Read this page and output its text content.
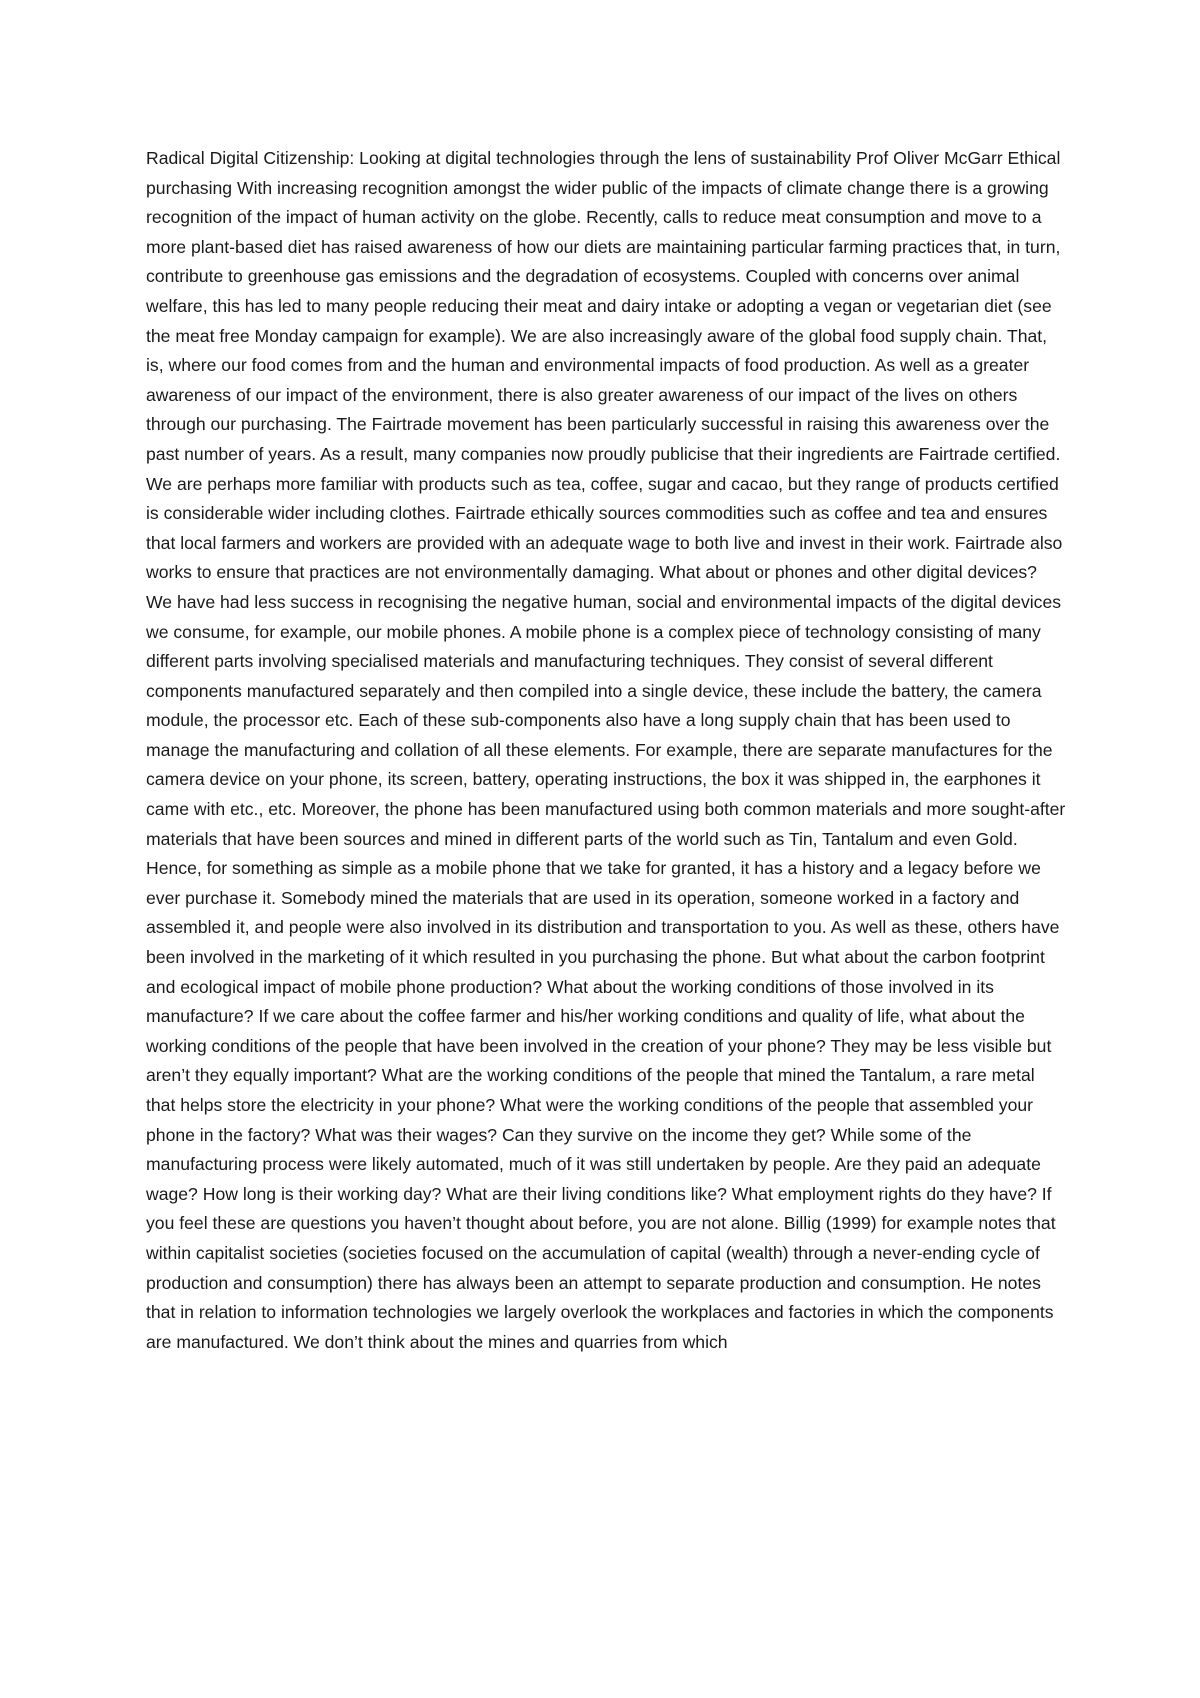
Radical Digital Citizenship: Looking at digital technologies through the lens of sustainability Prof Oliver McGarr Ethical purchasing With increasing recognition amongst the wider public of the impacts of climate change there is a growing recognition of the impact of human activity on the globe. Recently, calls to reduce meat consumption and move to a more plant-based diet has raised awareness of how our diets are maintaining particular farming practices that, in turn, contribute to greenhouse gas emissions and the degradation of ecosystems. Coupled with concerns over animal welfare, this has led to many people reducing their meat and dairy intake or adopting a vegan or vegetarian diet (see the meat free Monday campaign for example). We are also increasingly aware of the global food supply chain. That, is, where our food comes from and the human and environmental impacts of food production. As well as a greater awareness of our impact of the environment, there is also greater awareness of our impact of the lives on others through our purchasing. The Fairtrade movement has been particularly successful in raising this awareness over the past number of years. As a result, many companies now proudly publicise that their ingredients are Fairtrade certified. We are perhaps more familiar with products such as tea, coffee, sugar and cacao, but they range of products certified is considerable wider including clothes. Fairtrade ethically sources commodities such as coffee and tea and ensures that local farmers and workers are provided with an adequate wage to both live and invest in their work. Fairtrade also works to ensure that practices are not environmentally damaging. What about or phones and other digital devices? We have had less success in recognising the negative human, social and environmental impacts of the digital devices we consume, for example, our mobile phones. A mobile phone is a complex piece of technology consisting of many different parts involving specialised materials and manufacturing techniques. They consist of several different components manufactured separately and then compiled into a single device, these include the battery, the camera module, the processor etc. Each of these sub-components also have a long supply chain that has been used to manage the manufacturing and collation of all these elements. For example, there are separate manufactures for the camera device on your phone, its screen, battery, operating instructions, the box it was shipped in, the earphones it came with etc., etc. Moreover, the phone has been manufactured using both common materials and more sought-after materials that have been sources and mined in different parts of the world such as Tin, Tantalum and even Gold. Hence, for something as simple as a mobile phone that we take for granted, it has a history and a legacy before we ever purchase it. Somebody mined the materials that are used in its operation, someone worked in a factory and assembled it, and people were also involved in its distribution and transportation to you. As well as these, others have been involved in the marketing of it which resulted in you purchasing the phone. But what about the carbon footprint and ecological impact of mobile phone production? What about the working conditions of those involved in its manufacture? If we care about the coffee farmer and his/her working conditions and quality of life, what about the working conditions of the people that have been involved in the creation of your phone? They may be less visible but aren’t they equally important? What are the working conditions of the people that mined the Tantalum, a rare metal that helps store the electricity in your phone? What were the working conditions of the people that assembled your phone in the factory? What was their wages? Can they survive on the income they get? While some of the manufacturing process were likely automated, much of it was still undertaken by people. Are they paid an adequate wage? How long is their working day? What are their living conditions like? What employment rights do they have? If you feel these are questions you haven’t thought about before, you are not alone. Billig (1999) for example notes that within capitalist societies (societies focused on the accumulation of capital (wealth) through a never-ending cycle of production and consumption) there has always been an attempt to separate production and consumption. He notes that in relation to information technologies we largely overlook the workplaces and factories in which the components are manufactured. We don’t think about the mines and quarries from which
